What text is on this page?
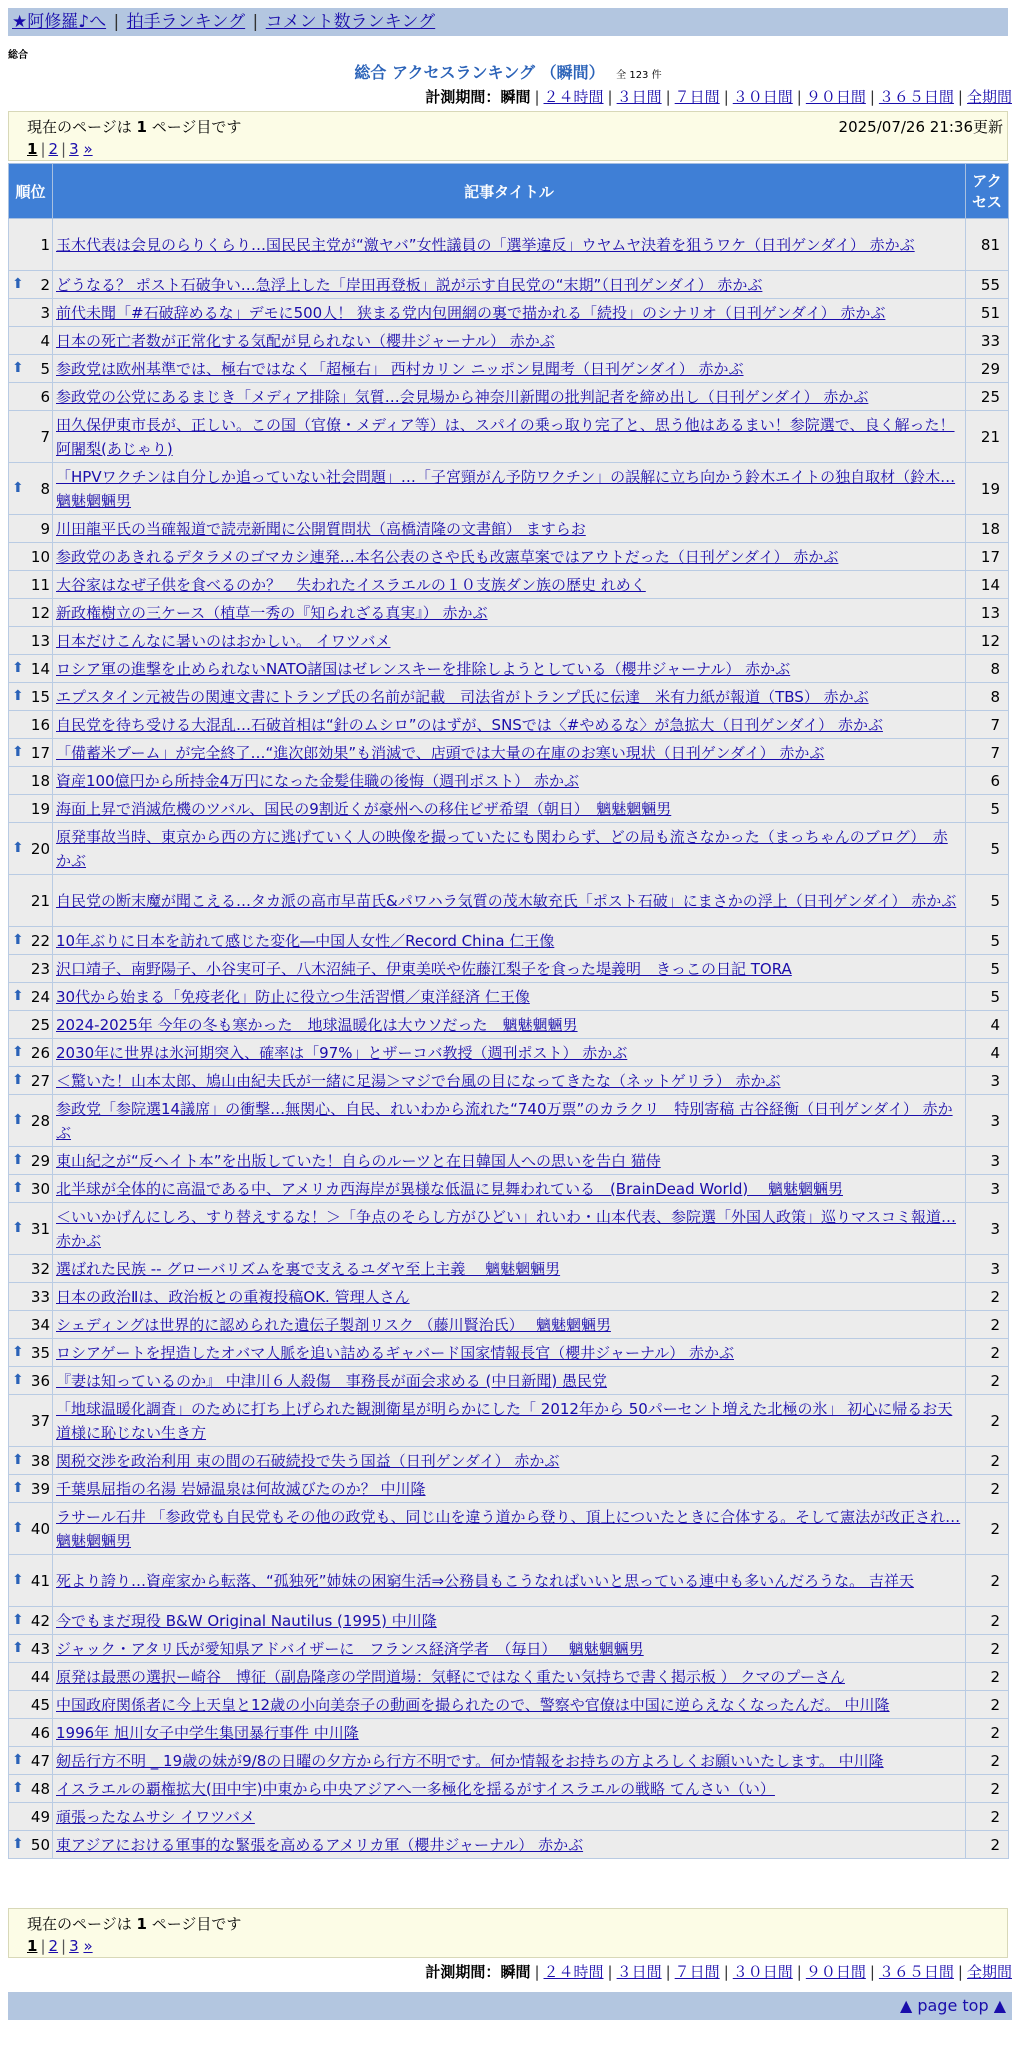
★阿修羅♪へ | 拍手ランキング | コメント数ランキング
総合
総合 アクセスランキング （瞬間） 全 123 件
計測期間：瞬間 | ２４時間 | ３日間 | ７日間 | ３０日間 | ９０日間 | ３６５日間 | 全期間
現在のページは 1 ページ目です	2025/07/26 21:36更新
1 | 2 | 3 »
順位	記事タイトル	アクセス
1	玉木代表は会見のらりくらり…国民民主党が“激ヤバ”女性議員の「選挙違反」ウヤムヤ決着を狙うワケ（日刊ゲンダイ） 赤かぶ	81

⬆ 2	どうなる？ ポスト石破争い…急浮上した「岸田再登板」説が示す自民党の“末期”（日刊ゲンダイ） 赤かぶ	55
3	前代未聞「#石破辞めるな」デモに500人！ 狭まる党内包囲網の裏で描かれる「続投」のシナリオ（日刊ゲンダイ） 赤かぶ	51
4	日本の死亡者数が正常化する気配が見られない（櫻井ジャーナル） 赤かぶ	33

⬆ 5	参政党は欧州基準では、極右ではなく「超極右」 西村カリン ニッポン見聞考（日刊ゲンダイ） 赤かぶ	29
6	参政党の公党にあるまじき「メディア排除」気質…会見場から神奈川新聞の批判記者を締め出し（日刊ゲンダイ） 赤かぶ	25
7	田久保伊東市長が、正しい。この国（官僚・メディア等）は、スパイの乗っ取り完了と、思う他はあるまい！参院選で、良く解った！ 阿闍梨(あじゃり)	21

⬆ 8	「HPVワクチンは自分しか追っていない社会問題」…「子宮頸がん予防ワクチン」の誤解に立ち向かう鈴木エイトの独自取材（鈴木… 魑魅魍魎男	19
9	川田龍平氏の当確報道で読売新聞に公開質問状（高橋清隆の文書館） ますらお	18
10	参政党のあきれるデタラメのゴマカシ連発…本名公表のさや氏も改憲草案ではアウトだった（日刊ゲンダイ） 赤かぶ	17
11	大谷家はなぜ子供を食べるのか？　失われたイスラエルの１０支族ダン族の歴史 れめく	14
12	新政権樹立の三ケース（植草一秀の『知られざる真実』） 赤かぶ	13
13	日本だけこんなに暑いのはおかしい。 イワツバメ	12

⬆ 14	ロシア軍の進撃を止められないNATO諸国はゼレンスキーを排除しようとしている（櫻井ジャーナル） 赤かぶ	8

⬆ 15	エプスタイン元被告の関連文書にトランプ氏の名前が記載　司法省がトランプ氏に伝達　米有力紙が報道（TBS） 赤かぶ	8
16	自民党を待ち受ける大混乱…石破首相は“針のムシロ”のはずが、SNSでは〈#やめるな〉が急拡大（日刊ゲンダイ） 赤かぶ	7

⬆ 17	「備蓄米ブーム」が完全終了…“進次郎効果”も消滅で、店頭では大量の在庫のお寒い現状（日刊ゲンダイ） 赤かぶ	7
18	資産100億円から所持金4万円になった金髪佳職の後悔（週刊ポスト） 赤かぶ	6
19	海面上昇で消滅危機のツバル、国民の9割近くが豪州への移住ビザ希望（朝日）　魑魅魍魎男	5

⬆ 20	原発事故当時、東京から西の方に逃げていく人の映像を撮っていたにも関わらず、どの局も流さなかった（まっちゃんのブログ）　赤かぶ	5
21	自民党の断末魔が聞こえる…タカ派の高市早苗氏&パワハラ気質の茂木敏充氏「ポスト石破」にまさかの浮上（日刊ゲンダイ） 赤かぶ	5

⬆ 22	10年ぶりに日本を訪れて感じた変化―中国人女性／Record China 仁王像	5
23	沢口靖子、南野陽子、小谷実可子、八木沼純子、伊東美咲や佐藤江梨子を食った堤義明　きっこの日記 TORA	5

⬆ 24	30代から始まる「免疫老化」防止に役立つ生活習慣／東洋経済 仁王像	5
25	2024-2025年 今年の冬も寒かった　地球温暖化は大ウソだった　魑魅魍魎男	4

⬆ 26	2030年に世界は氷河期突入、確率は「97%」とザーコバ教授（週刊ポスト） 赤かぶ	4

⬆ 27	＜驚いた！山本太郎、鳩山由紀夫氏が一緒に足湯＞マジで台風の目になってきたな（ネットゲリラ） 赤かぶ	3

⬆ 28	参政党「参院選14議席」の衝撃…無関心、自民、れいわから流れた“740万票”のカラクリ　特別寄稿 古谷経衡（日刊ゲンダイ） 赤かぶ	3

⬆ 29	東山紀之が“反ヘイト本”を出版していた！自らのルーツと在日韓国人への思いを告白 猫侍	3

⬆ 30	北半球が全体的に高温である中、アメリカ西海岸が異様な低温に見舞われている　(BrainDead World)　 魑魅魍魎男	3

⬆ 31	＜いいかげんにしろ、すり替えするな！＞「争点のそらし方がひどい」れいわ・山本代表、参院選「外国人政策」巡りマスコミ報道… 赤かぶ	3
32	選ばれた民族 -- グローバリズムを裏で支えるユダヤ至上主義　 魑魅魍魎男	3
33	日本の政治Ⅱは、政治板との重複投稿OK. 管理人さん	2
34	シェディングは世界的に認められた遺伝子製剤リスク （藤川賢治氏）　 魑魅魍魎男	2

⬆ 35	ロシアゲートを捏造したオバマ人脈を追い詰めるギャバード国家情報長官（櫻井ジャーナル） 赤かぶ	2

⬆ 36	『妻は知っているのか』 中津川６人殺傷　事務長が面会求める (中日新聞) 愚民党	2
37	「地球温暖化調査」のために打ち上げられた観測衛星が明らかにした「 2012年から 50パーセント増えた北極の氷」 初心に帰るお天道様に恥じない生き方	2

⬆ 38	関税交渉を政治利用 束の間の石破続投で失う国益（日刊ゲンダイ） 赤かぶ	2

⬆ 39	千葉県屈指の名湯 岩婦温泉は何故滅びたのか？ 中川隆	2

⬆ 40	ラサール石井 「参政党も自民党もその他の政党も、同じ山を違う道から登り、頂上についたときに合体する。そして憲法が改正され… 魑魅魍魎男	2

⬆ 41	死より誇り…資産家から転落、“孤独死”姉妹の困窮生活⇒公務員もこうなればいいと思っている連中も多いんだろうな。 吉祥天	2

⬆ 42	今でもまだ現役 B&W Original Nautilus (1995) 中川隆	2

⬆ 43	ジャック・アタリ氏が愛知県アドバイザーに　フランス経済学者　（毎日）　 魑魅魍魎男	2
44	原発は最悪の選択ー崎谷　博征（副島隆彦の学問道場：気軽にではなく重たい気持ちで書く掲示板 ） クマのプーさん	2
45	中国政府関係者に今上天皇と12歳の小向美奈子の動画を撮られたので、警察や官僚は中国に逆らえなくなったんだ。 中川隆	2
46	1996年 旭川女子中学生集団暴行事件 中川隆	2

⬆ 47	剱岳行方不明 _ 19歳の妹が9/8の日曜の夕方から行方不明です。何か情報をお持ちの方よろしくお願いいたします。 中川隆	2

⬆ 48	イスラエルの覇権拡大(田中宇)中東から中央アジアへ一多極化を揺るがすイスラエルの戦略 てんさい（い）	2
49	頑張ったなムサシ イワツバメ	2

⬆ 50	東アジアにおける軍事的な緊張を高めるアメリカ軍（櫻井ジャーナル） 赤かぶ	2
現在のページは 1 ページ目です
1 | 2 | 3 »
計測期間：瞬間 | ２４時間 | ３日間 | ７日間 | ３０日間 | ９０日間 | ３６５日間 | 全期間
▲ page top ▲
